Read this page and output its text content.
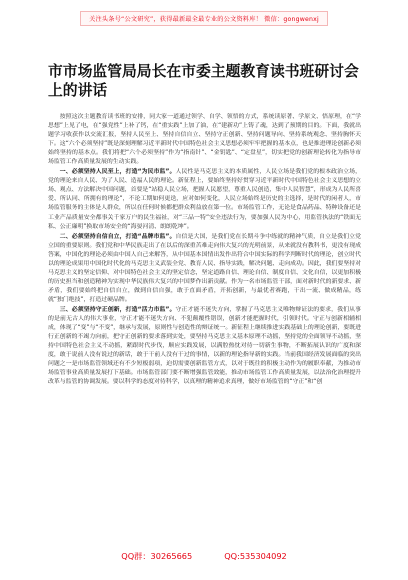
关注头条号“公文研究”，获得最新最全最专业的公文资料库！ 微信：gongwenxj
市市场监管局局长在市委主题教育读书班研讨会上的讲话

按照这次主题教育读书班的安排，同大家一道通过领学、自学、领悟的方式，系统读原著、学原文、悟原理，在“学思想”上见了电，在“强党性”上补了钙，在“重实践”上加了油，在“建新功”上铸了魂，达到了预期的目的。下面，我就出题学习收获作以交流汇报，坚持人民至上、坚持自信自立、坚持守正创新、坚持问题导向、坚持系统观念、坚持胸怀天下。这“六个必须坚持”既是深刻理解习近平新时代中国特色社会主义思想必须牢牢把握的基本点，也是推进理论创新必须始终坚持的基本点。我们将把“六个必须坚持”作为“指南针”、“金钥匙”、“定盘星”，切实把党的创新理论转化为指导市场监管工作高质量发展的生动实践。

一、必须坚持人民至上，打造“为民市监”。人民性是马克思主义的本质属性，人民立场是我们党的根本政治立场，党的理论来自人民、为了人民、造福人民的理论。新征程上，要始终坚持好贯穿习近平新时代中国特色社会主义思想的立场、观点、方法解决中国问题，首要是“站稳人民立场，把握人民愿望，尊重人民创造，集中人民智慧”，形成为人民所喜爱、所认同、所拥有的理论”，不论工期如何更迭，应对如何变化，人民立场始终是历史的主选择，是时代的闲者人，市场监管服务的主体是人群众，所以在任何时候都把群众利益放在第一位。市场监管工作，无论是食品药品、特种设备还是工业产品质量安全都事关千家万户的民生福祉，对“三品一特”安全违法行为，要加强人民为中心，用监管执法的“铁面无私、公正廉明”换取市场安全的“海晏河清、朗朗乾坤”。

二、必须坚持自信自立，打造“品牌市监”。自信是大国，是我们党在长期斗争中练就的精神气质，自立是我们立党立国的重要原则。我们党和中华民族走出了在以后的深重苦难走向伟大复兴的光明前景，从来就没有教科书，更没有现成答案，中国化的理论必须由中国人自己来解答，从中国基本国情出发作出符合中国实际的科学判断时代的理论，创立时代以的理论成果用中国化时代化的马克思主义武装全党、教育人民、指导实践，解决问题、走向成功。因此，我们要坚持对马克思主义的坚定信仰、对中国特色社会主义的坚定信念，坚定道路自信、理论自信、制度自信、文化自信，以更加积极的历史担当和创造精神为实现中华民族伟大复兴的中国梦作出新贡献。作为一名市场监管干部，面对新时代的新要求、新矛盾，我们要始终把自信自立，做到自信自强，敢于直面矛盾，开拓创新，与最优者赛跑，干出一流、做成精品，练就“独门绝技”，打造过硬品牌。

三、必须坚持守正创新，打造“活力市监”。守正才能不迷失方向，掌握了马克思主义唯物辩证法的要求，我们从事的是前无古人的伟大事业，守正才能不迷失方向、不犯颠覆性错误，创新才能把握时代，引领时代。守正与创新相辅相成，体现了“变”与“不变”，继承与发展，原则性与创造性的辩证统一。新征程上继续推进实践基础上的理论创新，要既进行正创新的不竭力向前，把守正创新的要求落到实处，要坚持马克思主义基本原理不动摇，坚持党的全面领导不动摇，坚持中国特色社会主义不动摇，紧跟时代步伐，顺应实践发展，以满腔热忱对待一切新生事物，不断拓展认识的广度和深度，敢于说前人没有说过的新话，敢于干前人没有干过的事情，以新的理论指导新的实践。当前我国经济发展面临的突出问题之一是市场监管领域还有不少短板弱项，迫切需要创新监管方式，以对于既往的积极主动作为的履职奉献，为推动市场监管事业高质量发展打下基础。市场监管部门要不断增强监管效能，推动市场监管工作高质量发展，以法治化治理提升改革与监管的协调发展。要以科学的态度对待科学，以真理的精神追求真理，做好市场监管的“守正”和“创

QQ群：30265665	QQ:535304092
